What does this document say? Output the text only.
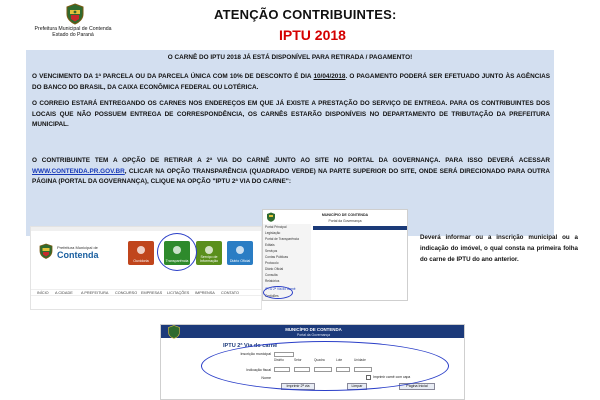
Prefeitura Municipal de Contenda
Estado do Paraná
ATENÇÃO CONTRIBUINTES:
IPTU 2018
O CARNÊ DO IPTU 2018 JÁ ESTÁ DISPONÍVEL PARA RETIRADA / PAGAMENTO!
O VENCIMENTO DA 1ª PARCELA OU DA PARCELA ÚNICA COM 10% DE DESCONTO É DIA 10/04/2018. O PAGAMENTO PODERÁ SER EFETUADO JUNTO ÀS AGÊNCIAS DO BANCO DO BRASIL, DA CAIXA ECONÔMICA FEDERAL OU LOTÉRICA.
O CORREIO ESTARÁ ENTREGANDO OS CARNES NOS ENDEREÇOS EM QUE JÁ EXISTE A PRESTAÇÃO DO SERVIÇO DE ENTREGA. PARA OS CONTRIBUINTES DOS LOCAIS QUE NÃO POSSUEM ENTREGA DE CORRESPONDÊNCIA, OS CARNÊS ESTARÃO DISPONÍVEIS NO DEPARTAMENTO DE TRIBUTAÇÃO DA PREFEITURA MUNICIPAL.
O CONTRIBUINTE TEM A OPÇÃO DE RETIRAR A 2ª VIA DO CARNÊ JUNTO AO SITE NO PORTAL DA GOVERNANÇA. PARA ISSO DEVERÁ ACESSAR WWW.CONTENDA.PR.GOV.BR, CLICAR NA OPÇÃO TRANSPARÊNCIA (QUADRADO VERDE) NA PARTE SUPERIOR DO SITE, ONDE SERÁ DIRECIONADO PARA OUTRA PÁGINA (PORTAL DA GOVERNANÇA), CLIQUE NA OPÇÃO "IPTU 2ª VIA DO CARNE":
Prefeitura Municipal de
Contenda
Ouvidoria	Transparência
Serviço de Informação	Diário Oficial
INÍCIO A CIDADE A PREFEITURA CONCURSO EMPRESAS LICITAÇÕES IMPRENSA CONTATO
MUNICÍPIO DE CONTENDA
Portal da Governança
Portal Principal
Legislação
Portal de Transparência
Editais
Serviços
Contas Públicas
Protocolo
Diário Oficial
Consulta
Relatórios
IPTU 2ª Via do Carnê
Certidões
Deverá informar ou a inscrição municipal ou a indicação do imóvel, o qual consta na primeira folha do carne de IPTU do ano anterior.
MUNICÍPIO DE CONTENDA
Portal da Governança
IPTU 2ª Via do carnê
Inscrição municipal
Distrito	Setor	Quadra	Lote	Unidade
Indicação fiscal
Nome	Imprimir carnê com capa
Imprimir 2ª via	Limpar	Página Inicial
